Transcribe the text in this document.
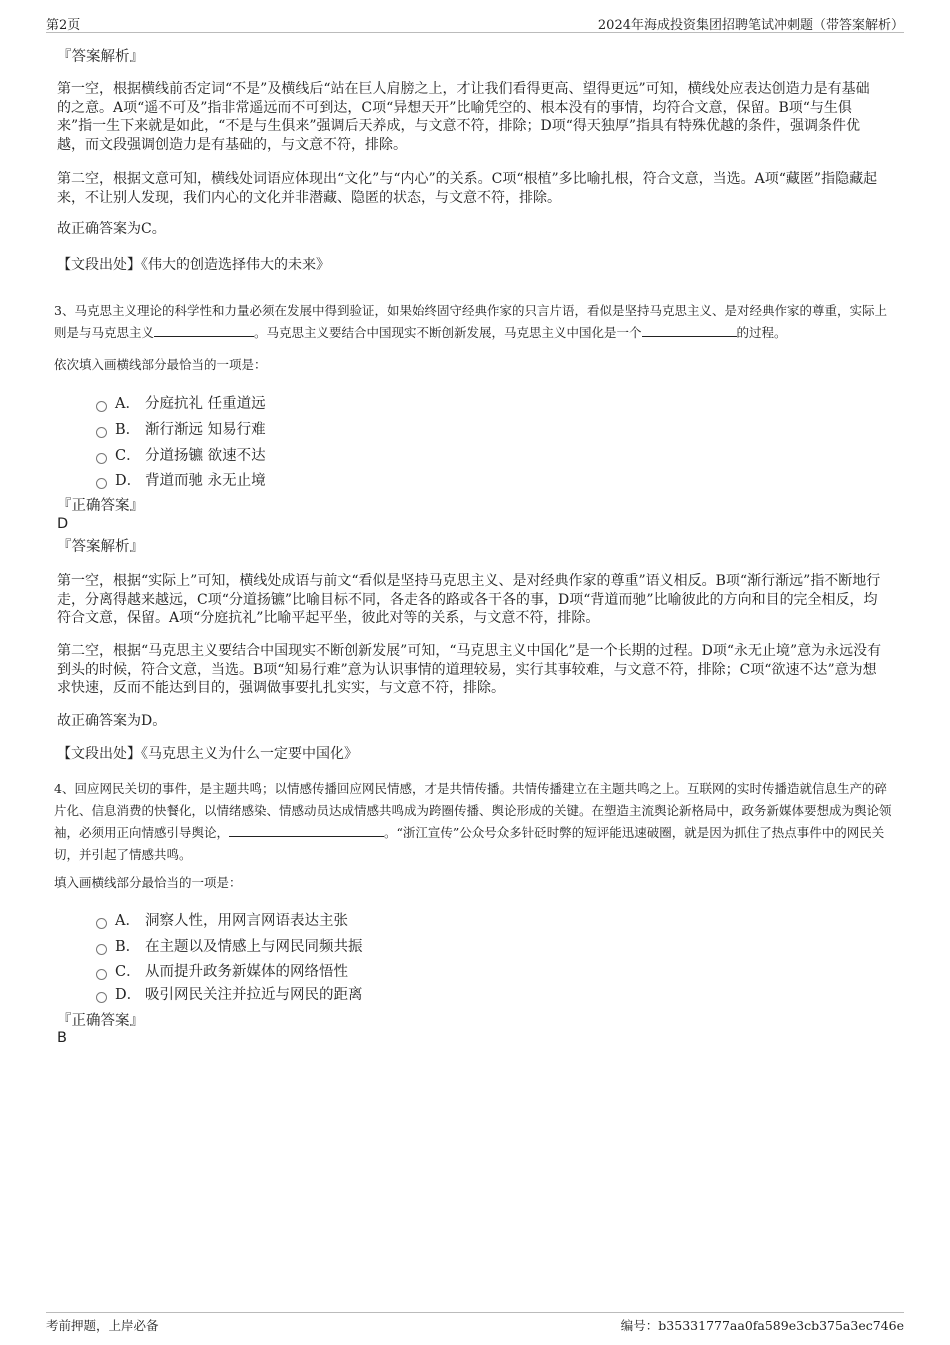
第2页	2024年海成投资集团招聘笔试冲刺题（带答案解析）
『答案解析』
第一空，根据横线前否定词“不是”及横线后“站在巨人肩膀之上，才让我们看得更高、望得更远”可知，横线处应表达创造力是有基础的之意。A项“遥不可及”指非常遥远而不可到达，C项“异想天开”比喻凭空的、根本没有的事情，均符合文意，保留。B项“与生俱来”指一生下来就是如此，“不是与生俱来”强调后天养成，与文意不符，排除；D项“得天独厚”指具有特殊优越的条件，强调条件优越，而文段强调创造力是有基础的，与文意不符，排除。
第二空，根据文意可知，横线处词语应体现出“文化”与“内心”的关系。C项“根植”多比喻扎根，符合文意，当选。A项“藏匿”指隐藏起来，不让别人发现，我们内心的文化并非潜藏、隐匿的状态，与文意不符，排除。
故正确答案为C。
【文段出处】《伟大的创造选择伟大的未来》
3、马克思主义理论的科学性和力量必须在发展中得到验证，如果始终固守经典作家的只言片语，看似是坚持马克思主义、是对经典作家的尊重，实际上则是与马克思主义	。马克思主义要结合中国现实不断创新发展，马克思主义中国化是一个	的过程。
依次填入画横线部分最恰当的一项是：
A． 分庭抗礼 任重道远
B． 渐行渐远 知易行难
C． 分道扬镳 欲速不达
D． 背道而驰 永无止境
『正确答案』
D
『答案解析』
第一空，根据“实际上”可知，横线处成语与前文“看似是坚持马克思主义、是对经典作家的尊重”语义相反。B项“渐行渐远”指不断地行走，分离得越来越远，C项“分道扬镳”比喻目标不同，各走各的路或各干各的事，D项“背道而驰”比喻彼此的方向和目的完全相反，均符合文意，保留。A项“分庭抗礼”比喻平起平坐，彼此对等的关系，与文意不符，排除。
第二空，根据“马克思主义要结合中国现实不断创新发展”可知，“马克思主义中国化”是一个长期的过程。D项“永无止境”意为永远没有到头的时候，符合文意，当选。B项“知易行难”意为认识事情的道理较易，实行其事较难，与文意不符，排除；C项“欲速不达”意为想求快速，反而不能达到目的，强调做事要扎扎实实，与文意不符，排除。
故正确答案为D。
【文段出处】《马克思主义为什么一定要中国化》
4、回应网民关切的事件，是主题共鸣；以情感传播回应网民情感，才是共情传播。共情传播建立在主题共鸣之上。互联网的实时传播造就信息生产的碎片化、信息消费的快餐化，以情绪感染、情感动员达成情感共鸣成为跨圈传播、舆论形成的关键。在塑造主流舆论新格局中，政务新媒体要想成为舆论领袖，必须用正向情感引导舆论，	。“浙江宣传”公众号众多针砭时弊的短评能迅速破圈，就是因为抓住了热点事件中的网民关切，并引起了情感共鸣。
填入画横线部分最恰当的一项是：
A． 洞察人性，用网言网语表达主张
B． 在主题以及情感上与网民同频共振
C． 从而提升政务新媒体的网络悟性
D． 吸引网民关注并拉近与网民的距离
『正确答案』
B
考前押题，上岸必备	编号：b35331777aa0fa589e3cb375a3ec746e
